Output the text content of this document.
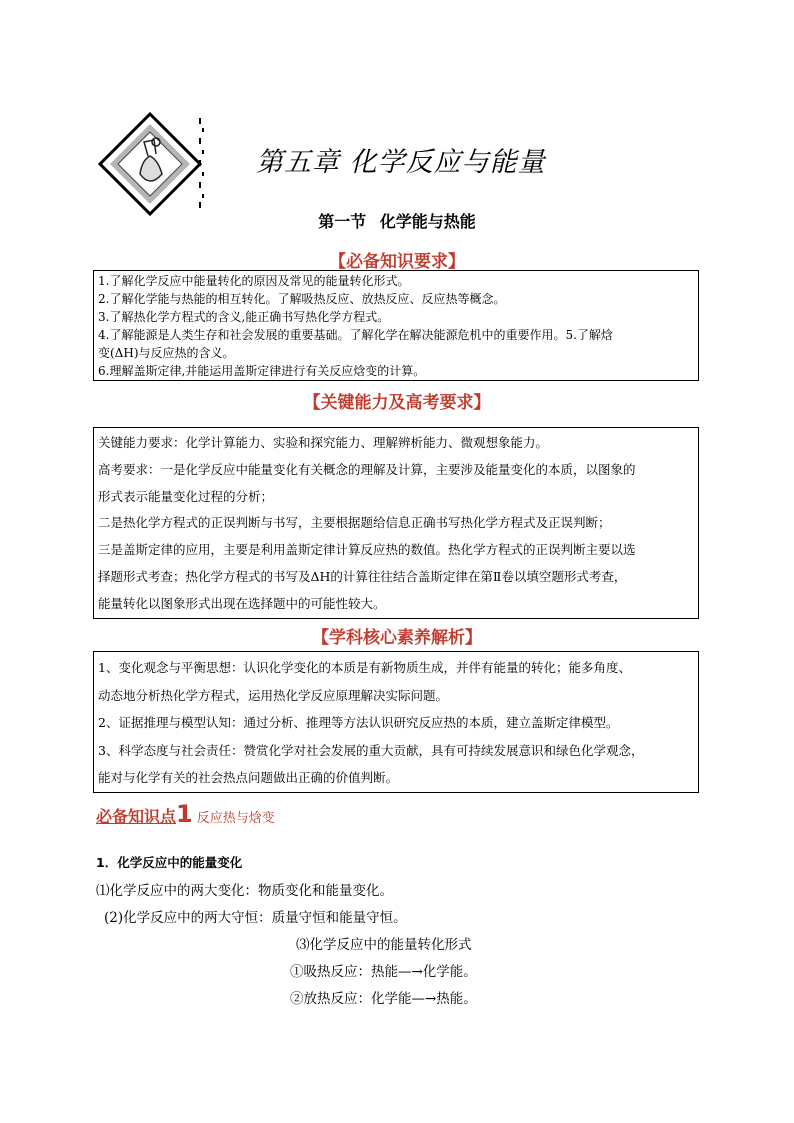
第五章 化学反应与能量
第一节 化学能与热能
【必备知识要求】

1.了解化学反应中能量转化的原因及常见的能量转化形式。

2.了解化学能与热能的相互转化。了解吸热反应、放热反应、反应热等概念。

3.了解热化学方程式的含义,能正确书写热化学方程式。

4.了解能源是人类生存和社会发展的重要基础。了解化学在解决能源危机中的重要作用。5.了解焓

变(ΔH)与反应热的含义。

6.理解盖斯定律,并能运用盖斯定律进行有关反应焓变的计算。

【关键能力及高考要求】

关键能力要求：化学计算能力、实验和探究能力、理解辨析能力、微观想象能力。

高考要求：一是化学反应中能量变化有关概念的理解及计算，主要涉及能量变化的本质，以图象的

形式表示能量变化过程的分析；

二是热化学方程式的正误判断与书写，主要根据题给信息正确书写热化学方程式及正误判断；

三是盖斯定律的应用，主要是利用盖斯定律计算反应热的数值。热化学方程式的正误判断主要以选

择题形式考查；热化学方程式的书写及ΔH的计算往往结合盖斯定律在第Ⅱ卷以填空题形式考查，

能量转化以图象形式出现在选择题中的可能性较大。

【学科核心素养解析】

1、变化观念与平衡思想：认识化学变化的本质是有新物质生成，并伴有能量的转化；能多角度、

动态地分析热化学方程式，运用热化学反应原理解决实际问题。

2、证据推理与模型认知：通过分析、推理等方法认识研究反应热的本质，建立盖斯定律模型。

3、科学态度与社会责任：赞赏化学对社会发展的重大贡献，具有可持续发展意识和绿色化学观念，

能对与化学有关的社会热点问题做出正确的价值判断。

必备知识点1 反应热与焓变
1．化学反应中的能量变化
⑴化学反应中的两大变化：物质变化和能量变化。
(2)化学反应中的两大守恒：质量守恒和能量守恒。
⑶化学反应中的能量转化形式
①吸热反应：热能—→化学能。
②放热反应：化学能—→热能。
